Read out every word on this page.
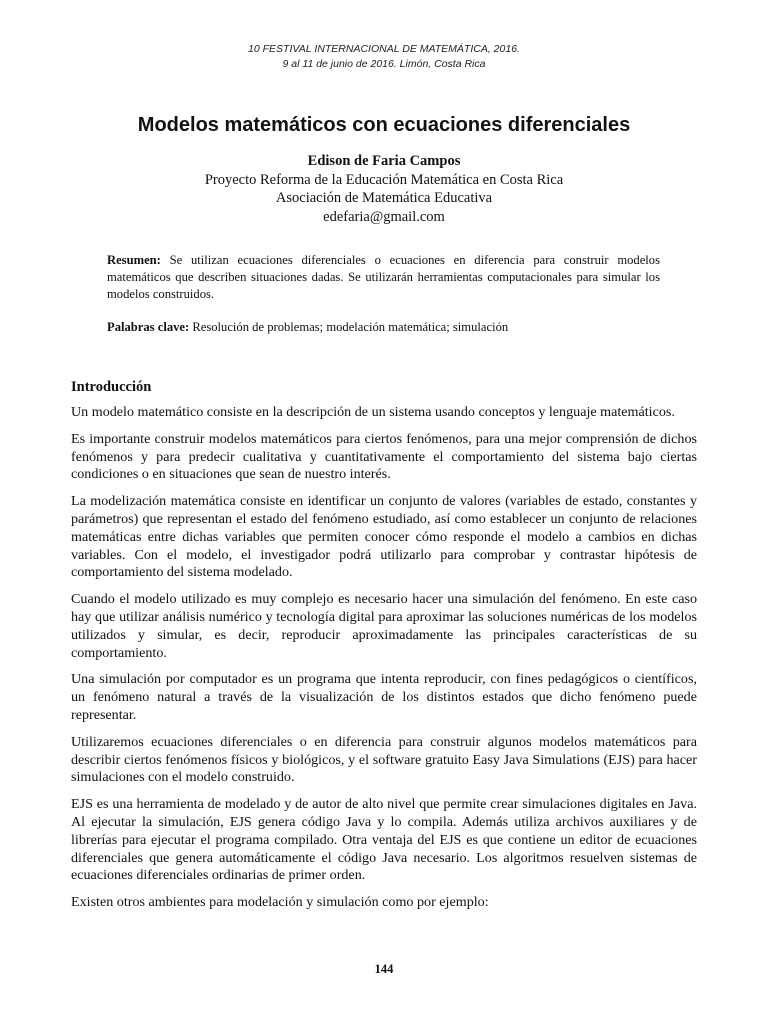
10 FESTIVAL INTERNACIONAL DE MATEMÁTICA, 2016.
9 al 11 de junio de 2016. Limón, Costa Rica
Modelos matemáticos con ecuaciones diferenciales
Edison de Faria Campos
Proyecto Reforma de la Educación Matemática en Costa Rica
Asociación de Matemática Educativa
edefaria@gmail.com
Resumen: Se utilizan ecuaciones diferenciales o ecuaciones en diferencia para construir modelos matemáticos que describen situaciones dadas. Se utilizarán herramientas computacionales para simular los modelos construidos.
Palabras clave: Resolución de problemas; modelación matemática; simulación
Introducción

Un modelo matemático consiste en la descripción de un sistema usando conceptos y lenguaje matemáticos.

Es importante construir modelos matemáticos para ciertos fenómenos, para una mejor comprensión de dichos fenómenos y para predecir cualitativa y cuantitativamente el comportamiento del sistema bajo ciertas condiciones o en situaciones que sean de nuestro interés.

La modelización matemática consiste en identificar un conjunto de valores (variables de estado, constantes y parámetros) que representan el estado del fenómeno estudiado, así como establecer un conjunto de relaciones matemáticas entre dichas variables que permiten conocer cómo responde el modelo a cambios en dichas variables. Con el modelo, el investigador podrá utilizarlo para comprobar y contrastar hipótesis de comportamiento del sistema modelado.

Cuando el modelo utilizado es muy complejo es necesario hacer una simulación del fenómeno. En este caso hay que utilizar análisis numérico y tecnología digital para aproximar las soluciones numéricas de los modelos utilizados y simular, es decir, reproducir aproximadamente las principales características de su comportamiento.

Una simulación por computador es un programa que intenta reproducir, con fines pedagógicos o científicos, un fenómeno natural a través de la visualización de los distintos estados que dicho fenómeno puede representar.

Utilizaremos ecuaciones diferenciales o en diferencia para construir algunos modelos matemáticos para describir ciertos fenómenos físicos y biológicos, y el software gratuito Easy Java Simulations (EJS) para hacer simulaciones con el modelo construido.

EJS es una herramienta de modelado y de autor de alto nivel que permite crear simulaciones digitales en Java. Al ejecutar la simulación, EJS genera código Java y lo compila. Además utiliza archivos auxiliares y de librerías para ejecutar el programa compilado. Otra ventaja del EJS es que contiene un editor de ecuaciones diferenciales que genera automáticamente el código Java necesario. Los algoritmos resuelven sistemas de ecuaciones diferenciales ordinarias de primer orden.

Existen otros ambientes para modelación y simulación como por ejemplo:

144
